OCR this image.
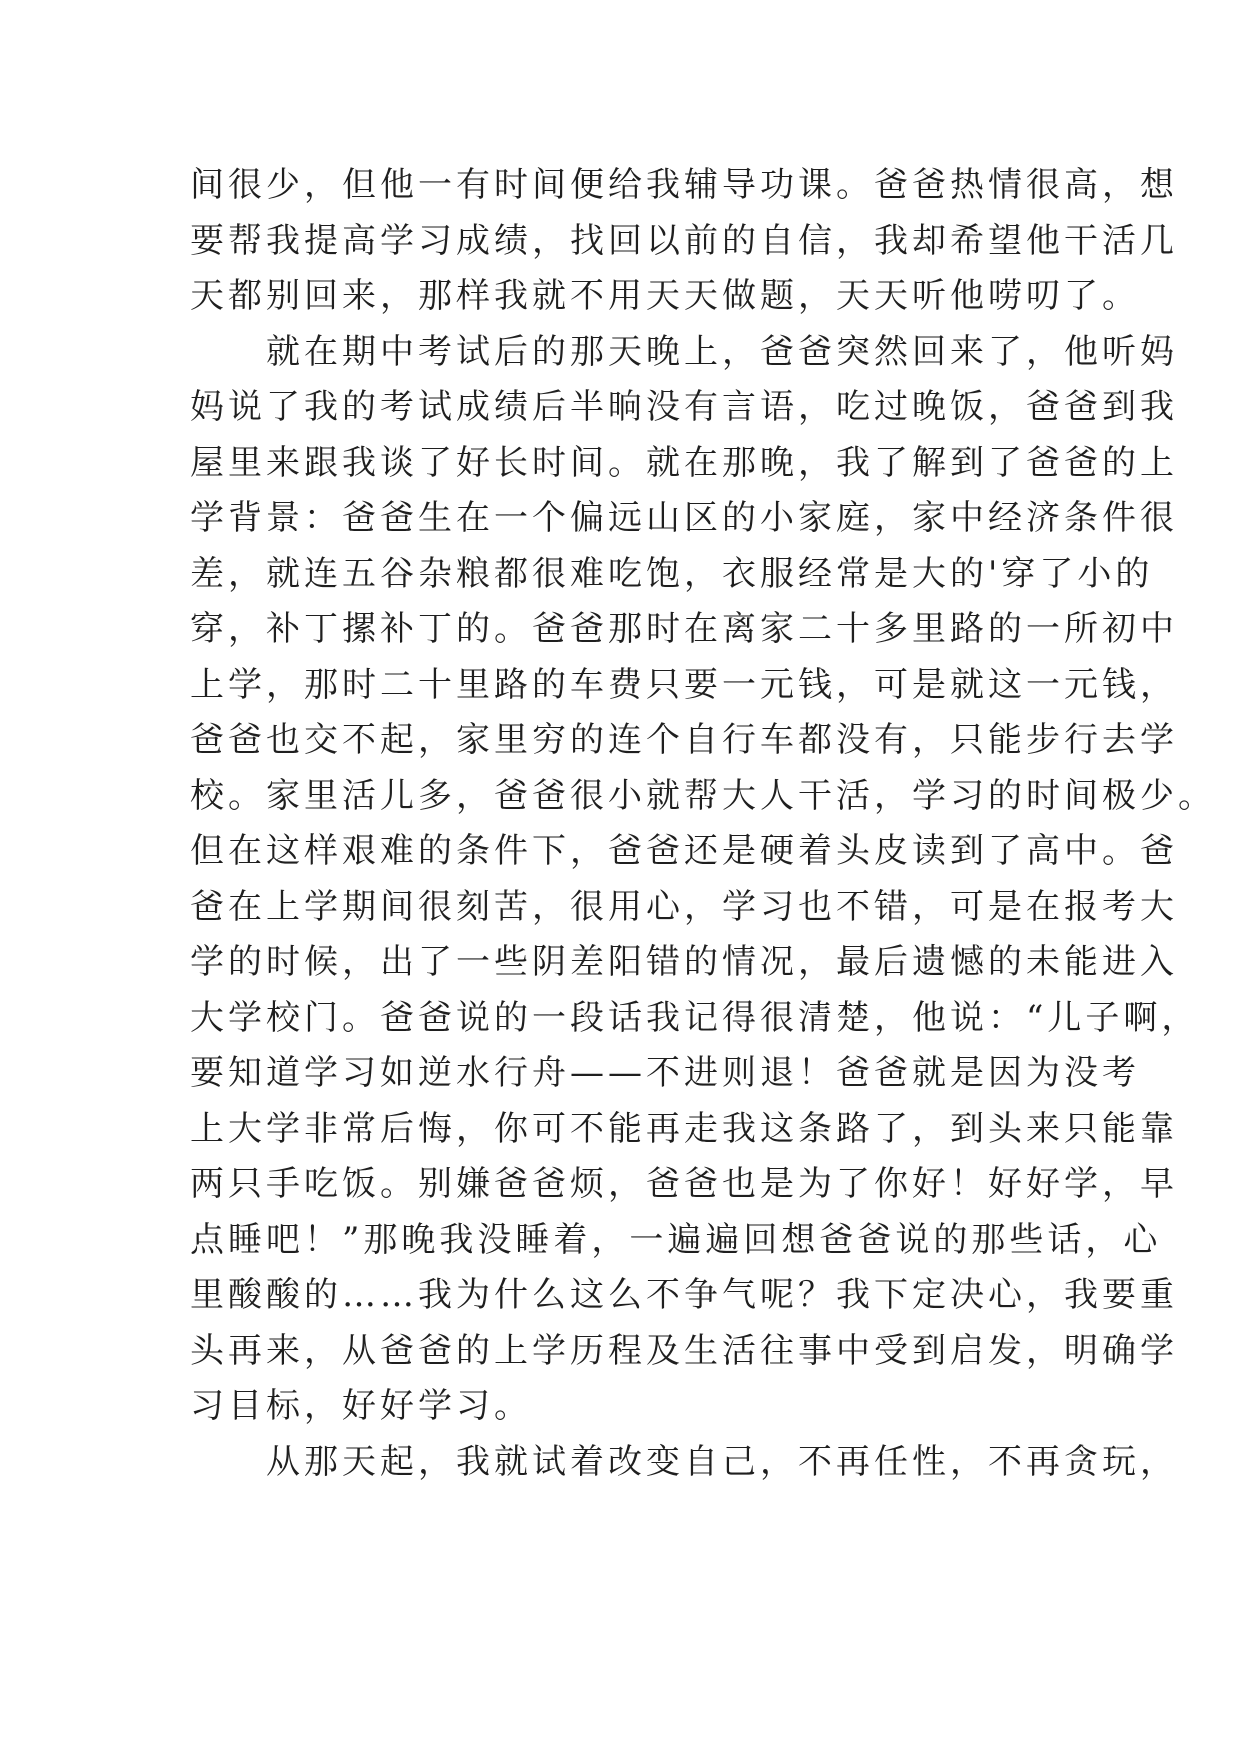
间很少，但他一有时间便给我辅导功课。爸爸热情很高，想
要帮我提高学习成绩，找回以前的自信，我却希望他干活几
天都别回来，那样我就不用天天做题，天天听他唠叨了。
就在期中考试后的那天晚上，爸爸突然回来了，他听妈
妈说了我的考试成绩后半晌没有言语，吃过晚饭，爸爸到我
屋里来跟我谈了好长时间。就在那晚，我了解到了爸爸的上
学背景：爸爸生在一个偏远山区的小家庭，家中经济条件很
差，就连五谷杂粮都很难吃饱，衣服经常是大的'穿了小的
穿，补丁摞补丁的。爸爸那时在离家二十多里路的一所初中
上学，那时二十里路的车费只要一元钱，可是就这一元钱，
爸爸也交不起，家里穷的连个自行车都没有，只能步行去学
校。家里活儿多，爸爸很小就帮大人干活，学习的时间极少。
但在这样艰难的条件下，爸爸还是硬着头皮读到了高中。爸
爸在上学期间很刻苦，很用心，学习也不错，可是在报考大
学的时候，出了一些阴差阳错的情况，最后遗憾的未能进入
大学校门。爸爸说的一段话我记得很清楚，他说：“儿子啊，
要知道学习如逆水行舟——不进则退！爸爸就是因为没考
上大学非常后悔，你可不能再走我这条路了，到头来只能靠
两只手吃饭。别嫌爸爸烦，爸爸也是为了你好！好好学，早
点睡吧！”那晚我没睡着，一遍遍回想爸爸说的那些话，心
里酸酸的……我为什么这么不争气呢？我下定决心，我要重
头再来，从爸爸的上学历程及生活往事中受到启发，明确学
习目标，好好学习。
从那天起，我就试着改变自己，不再任性，不再贪玩，
